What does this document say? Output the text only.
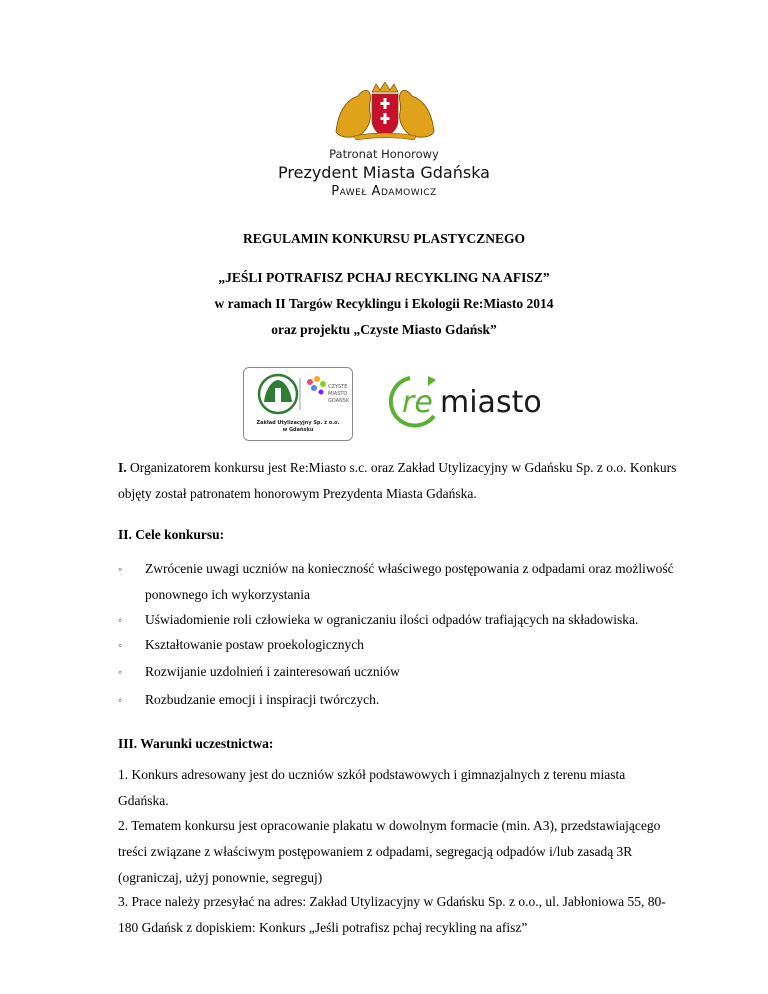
Patronat Honorowy
Prezydent Miasta Gdańska
Paweł Adamowicz
REGULAMIN KONKURSU PLASTYCZNEGO
„JEŚLI POTRAFISZ PCHAJ RECYKLING NA AFISZ”
w ramach II Targów Recyklingu i Ekologii Re:Miasto 2014
oraz projektu „Czyste Miasto Gdańsk”
CZYSTE
MIASTO
GDAŃSK
Zakład Utylizacyjny Sp. z o.o.
w Gdańsku
re miasto
I. Organizatorem konkursu jest Re:Miasto s.c. oraz Zakład Utylizacyjny w Gdańsku Sp. z o.o. Konkurs objęty został patronatem honorowym Prezydenta Miasta Gdańska.
II. Cele konkursu:
◦	Zwrócenie uwagi uczniów na konieczność właściwego postępowania z odpadami oraz możliwość ponownego ich wykorzystania
◦	Uświadomienie roli człowieka w ograniczaniu ilości odpadów trafiających na składowiska.
◦	Kształtowanie postaw proekologicznych
◦	Rozwijanie uzdolnień i zainteresowań uczniów
◦	Rozbudzanie emocji i inspiracji twórczych.
III. Warunki uczestnictwa:
1. Konkurs adresowany jest do uczniów szkół podstawowych i gimnazjalnych z terenu miasta Gdańska.
2. Tematem konkursu jest opracowanie plakatu w dowolnym formacie (min. A3), przedstawiającego treści związane z właściwym postępowaniem z odpadami, segregacją odpadów i/lub zasadą 3R (ograniczaj, użyj ponownie, segreguj)
3. Prace należy przesyłać na adres: Zakład Utylizacyjny w Gdańsku Sp. z o.o., ul. Jabłoniowa 55, 80-180 Gdańsk z dopiskiem: Konkurs „Jeśli potrafisz pchaj recykling na afisz”
